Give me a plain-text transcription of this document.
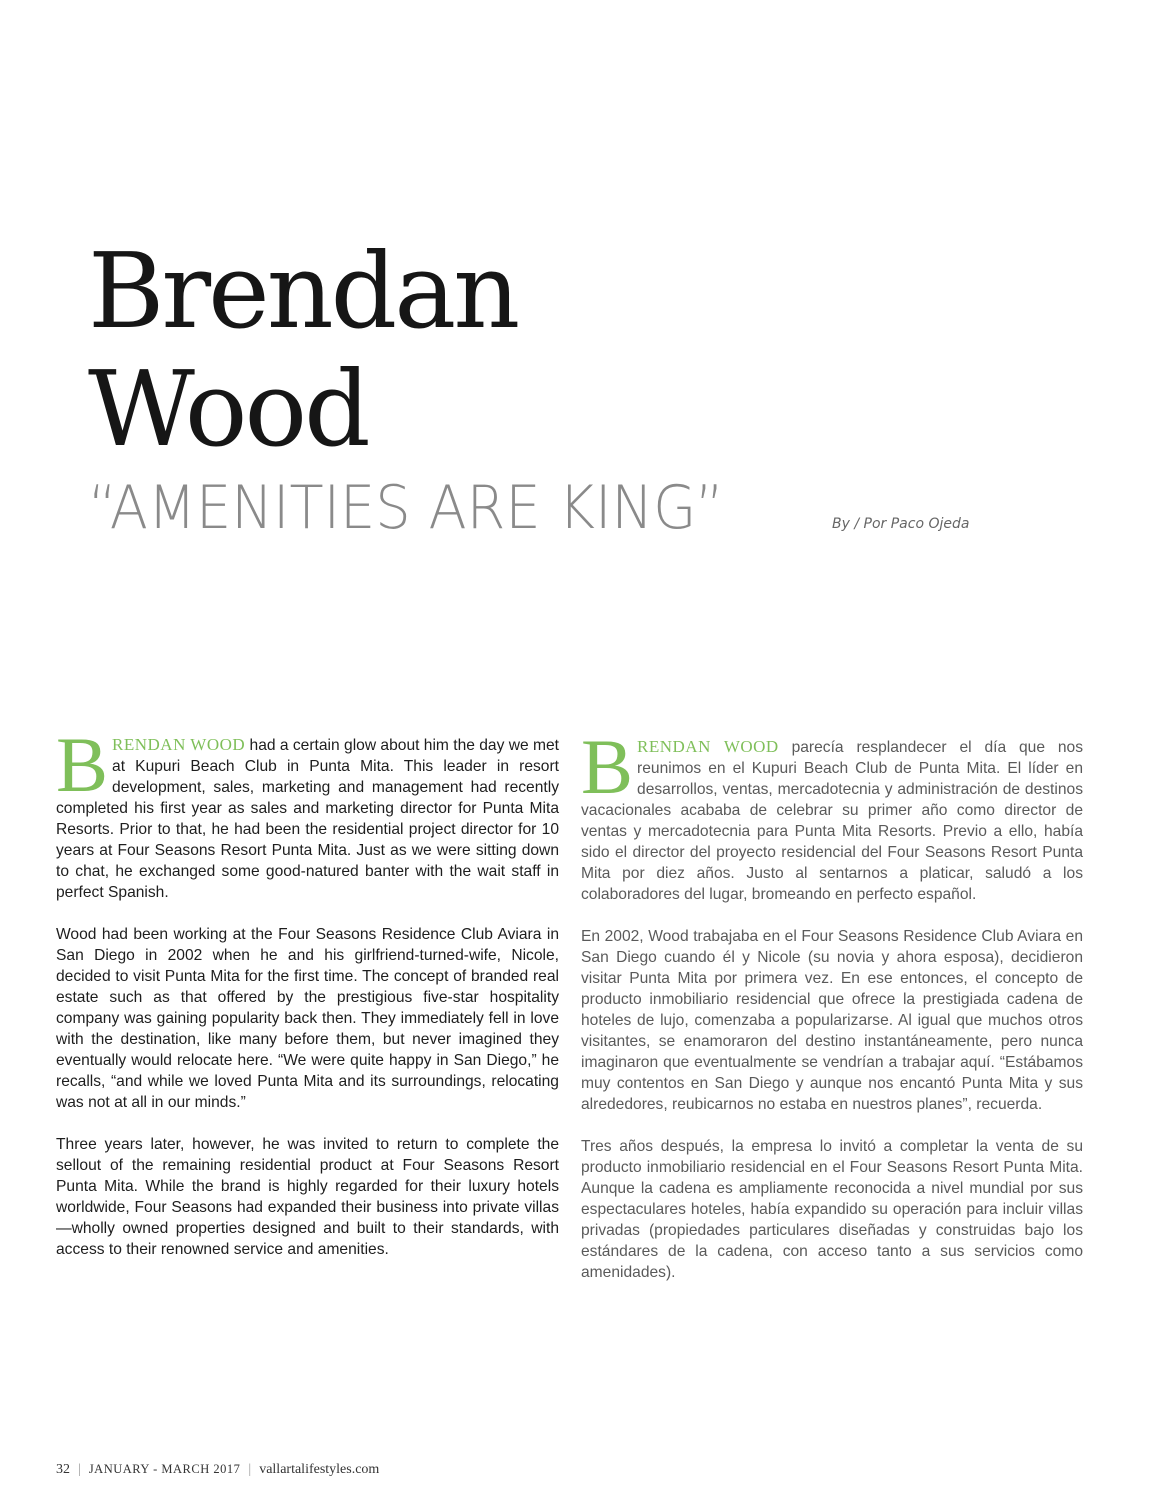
Brendan
Wood
“AMENITIES ARE KING”	By / Por Paco Ojeda

BRENDAN WOOD had a certain glow about him the day we met at Kupuri Beach Club in Punta Mita. This leader in resort development, sales, marketing and management had recently completed his first year as sales and marketing director for Punta Mita Resorts. Prior to that, he had been the residential project director for 10 years at Four Seasons Resort Punta Mita. Just as we were sitting down to chat, he exchanged some good-natured banter with the wait staff in perfect Spanish.

Wood had been working at the Four Seasons Residence Club Aviara in San Diego in 2002 when he and his girlfriend-turned-wife, Nicole, decided to visit Punta Mita for the first time. The concept of branded real estate such as that offered by the prestigious five-star hospitality company was gaining popularity back then. They immediately fell in love with the destination, like many before them, but never imagined they eventually would relocate here. “We were quite happy in San Diego,” he recalls, “and while we loved Punta Mita and its surroundings, relocating was not at all in our minds.”

Three years later, however, he was invited to return to complete the sellout of the remaining residential product at Four Seasons Resort Punta Mita. While the brand is highly regarded for their luxury hotels worldwide, Four Seasons had expanded their business into private villas—wholly owned properties designed and built to their standards, with access to their renowned service and amenities.

BRENDAN WOOD parecía resplandecer el día que nos reunimos en el Kupuri Beach Club de Punta Mita. El líder en desarrollos, ventas, mercadotecnia y administración de destinos vacacionales acababa de celebrar su primer año como director de ventas y mercadotecnia para Punta Mita Resorts. Previo a ello, había sido el director del proyecto residencial del Four Seasons Resort Punta Mita por diez años. Justo al sentarnos a platicar, saludó a los colaboradores del lugar, bromeando en perfecto español.

En 2002, Wood trabajaba en el Four Seasons Residence Club Aviara en San Diego cuando él y Nicole (su novia y ahora esposa), decidieron visitar Punta Mita por primera vez. En ese entonces, el concepto de producto inmobiliario residencial que ofrece la prestigiada cadena de hoteles de lujo, comenzaba a popularizarse. Al igual que muchos otros visitantes, se enamoraron del destino instantáneamente, pero nunca imaginaron que eventualmente se vendrían a trabajar aquí. “Estábamos muy contentos en San Diego y aunque nos encantó Punta Mita y sus alrededores, reubicarnos no estaba en nuestros planes”, recuerda.

Tres años después, la empresa lo invitó a completar la venta de su producto inmobiliario residencial en el Four Seasons Resort Punta Mita. Aunque la cadena es ampliamente reconocida a nivel mundial por sus espectaculares hoteles, había expandido su operación para incluir villas privadas (propiedades particulares diseñadas y construidas bajo los estándares de la cadena, con acceso tanto a sus servicios como amenidades).

32 | JANUARY - MARCH 2017 | vallartalifestyles.com
